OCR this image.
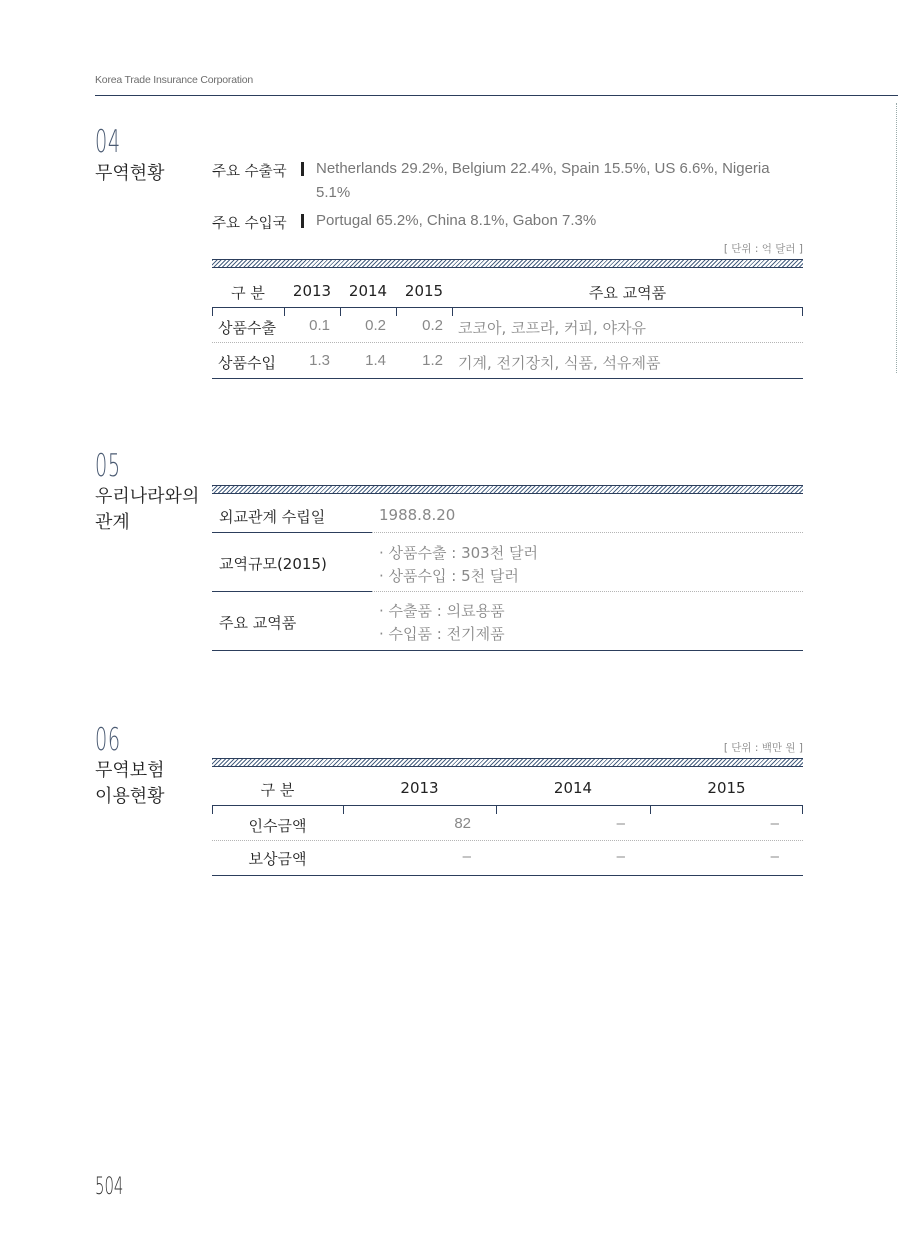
Korea Trade Insurance Corporation
04
무역현황	주요 수출국 Netherlands 29.2%, Belgium 22.4%, Spain 15.5%, US 6.6%, Nigeria
5.1%
주요 수입국 Portugal 65.2%, China 8.1%, Gabon 7.3%
[ 단위 : 억 달러 ]
구 분	2013	2014	2015	주요 교역품
상품수출	0.1	0.2	0.2 코코아, 코프라, 커피, 야자유
상품수입	1.3	1.4	1.2 기계, 전기장치, 식품, 석유제품
05
우리나라와의
관계	외교관계 수립일	1988.8.20
교역규모(2015)
· 상품수출 : 303천 달러
· 상품수입 : 5천 달러
주요 교역품
· 수출품 : 의료용품
· 수입품 : 전기제품
06
무역보험
이용현황
[ 단위 : 백만 원 ]
구 분	2013	2014	2015
인수금액	82	–	–
보상금액	–	–	–
504
